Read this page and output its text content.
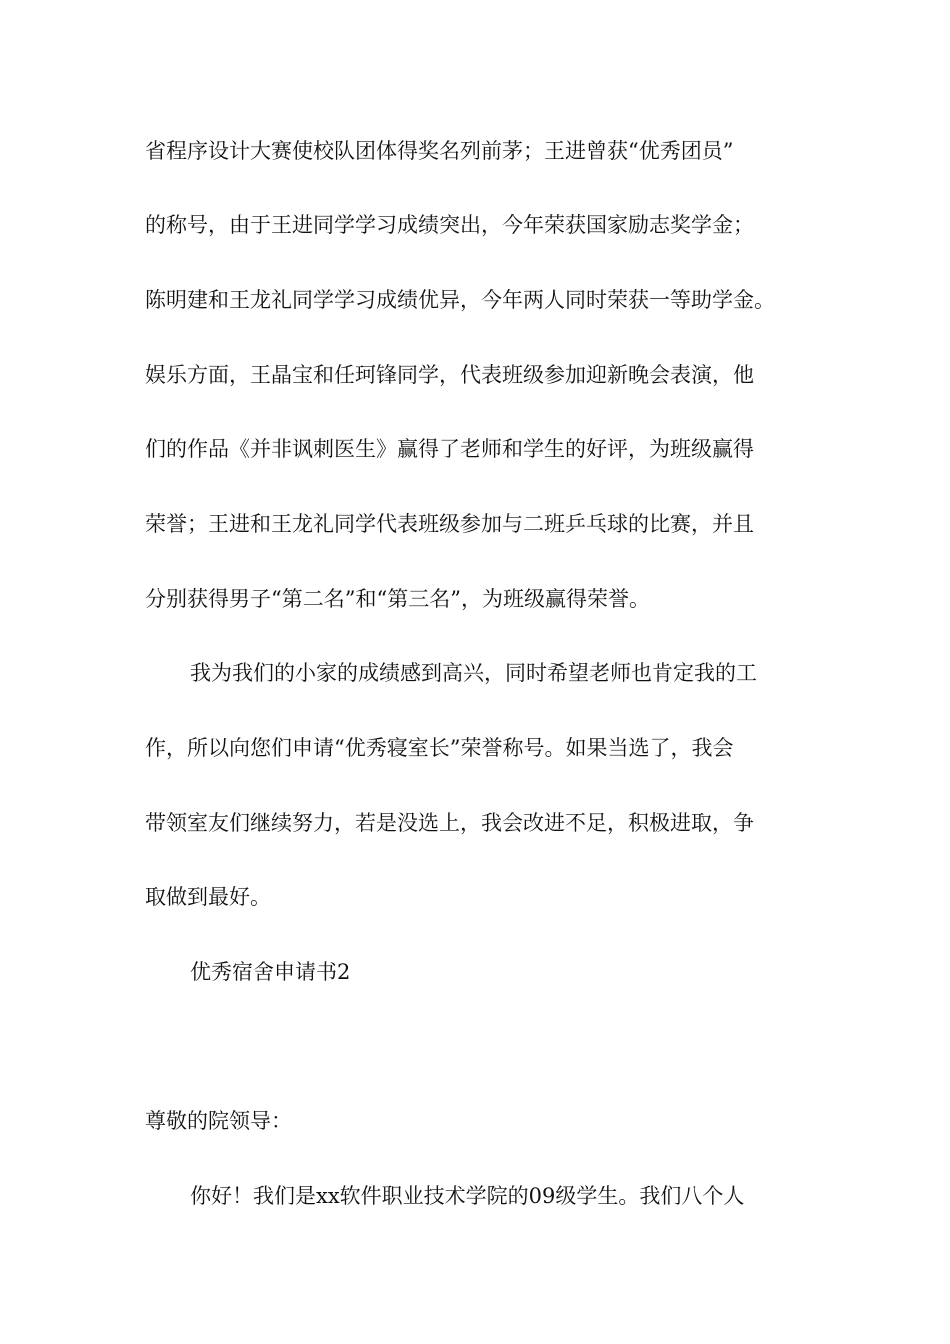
省程序设计大赛使校队团体得奖名列前茅；王进曾获“优秀团员”
的称号，由于王进同学学习成绩突出，今年荣获国家励志奖学金；
陈明建和王龙礼同学学习成绩优异，今年两人同时荣获一等助学金。
娱乐方面，王晶宝和任珂锋同学，代表班级参加迎新晚会表演，他
们的作品《并非讽刺医生》赢得了老师和学生的好评，为班级赢得
荣誉；王进和王龙礼同学代表班级参加与二班乒乓球的比赛，并且
分别获得男子“第二名”和“第三名”，为班级赢得荣誉。
我为我们的小家的成绩感到高兴，同时希望老师也肯定我的工
作，所以向您们申请“优秀寝室长”荣誉称号。如果当选了，我会
带领室友们继续努力，若是没选上，我会改进不足，积极进取，争
取做到最好。
优秀宿舍申请书2
尊敬的院领导：
你好！我们是xx软件职业技术学院的09级学生。我们八个人
